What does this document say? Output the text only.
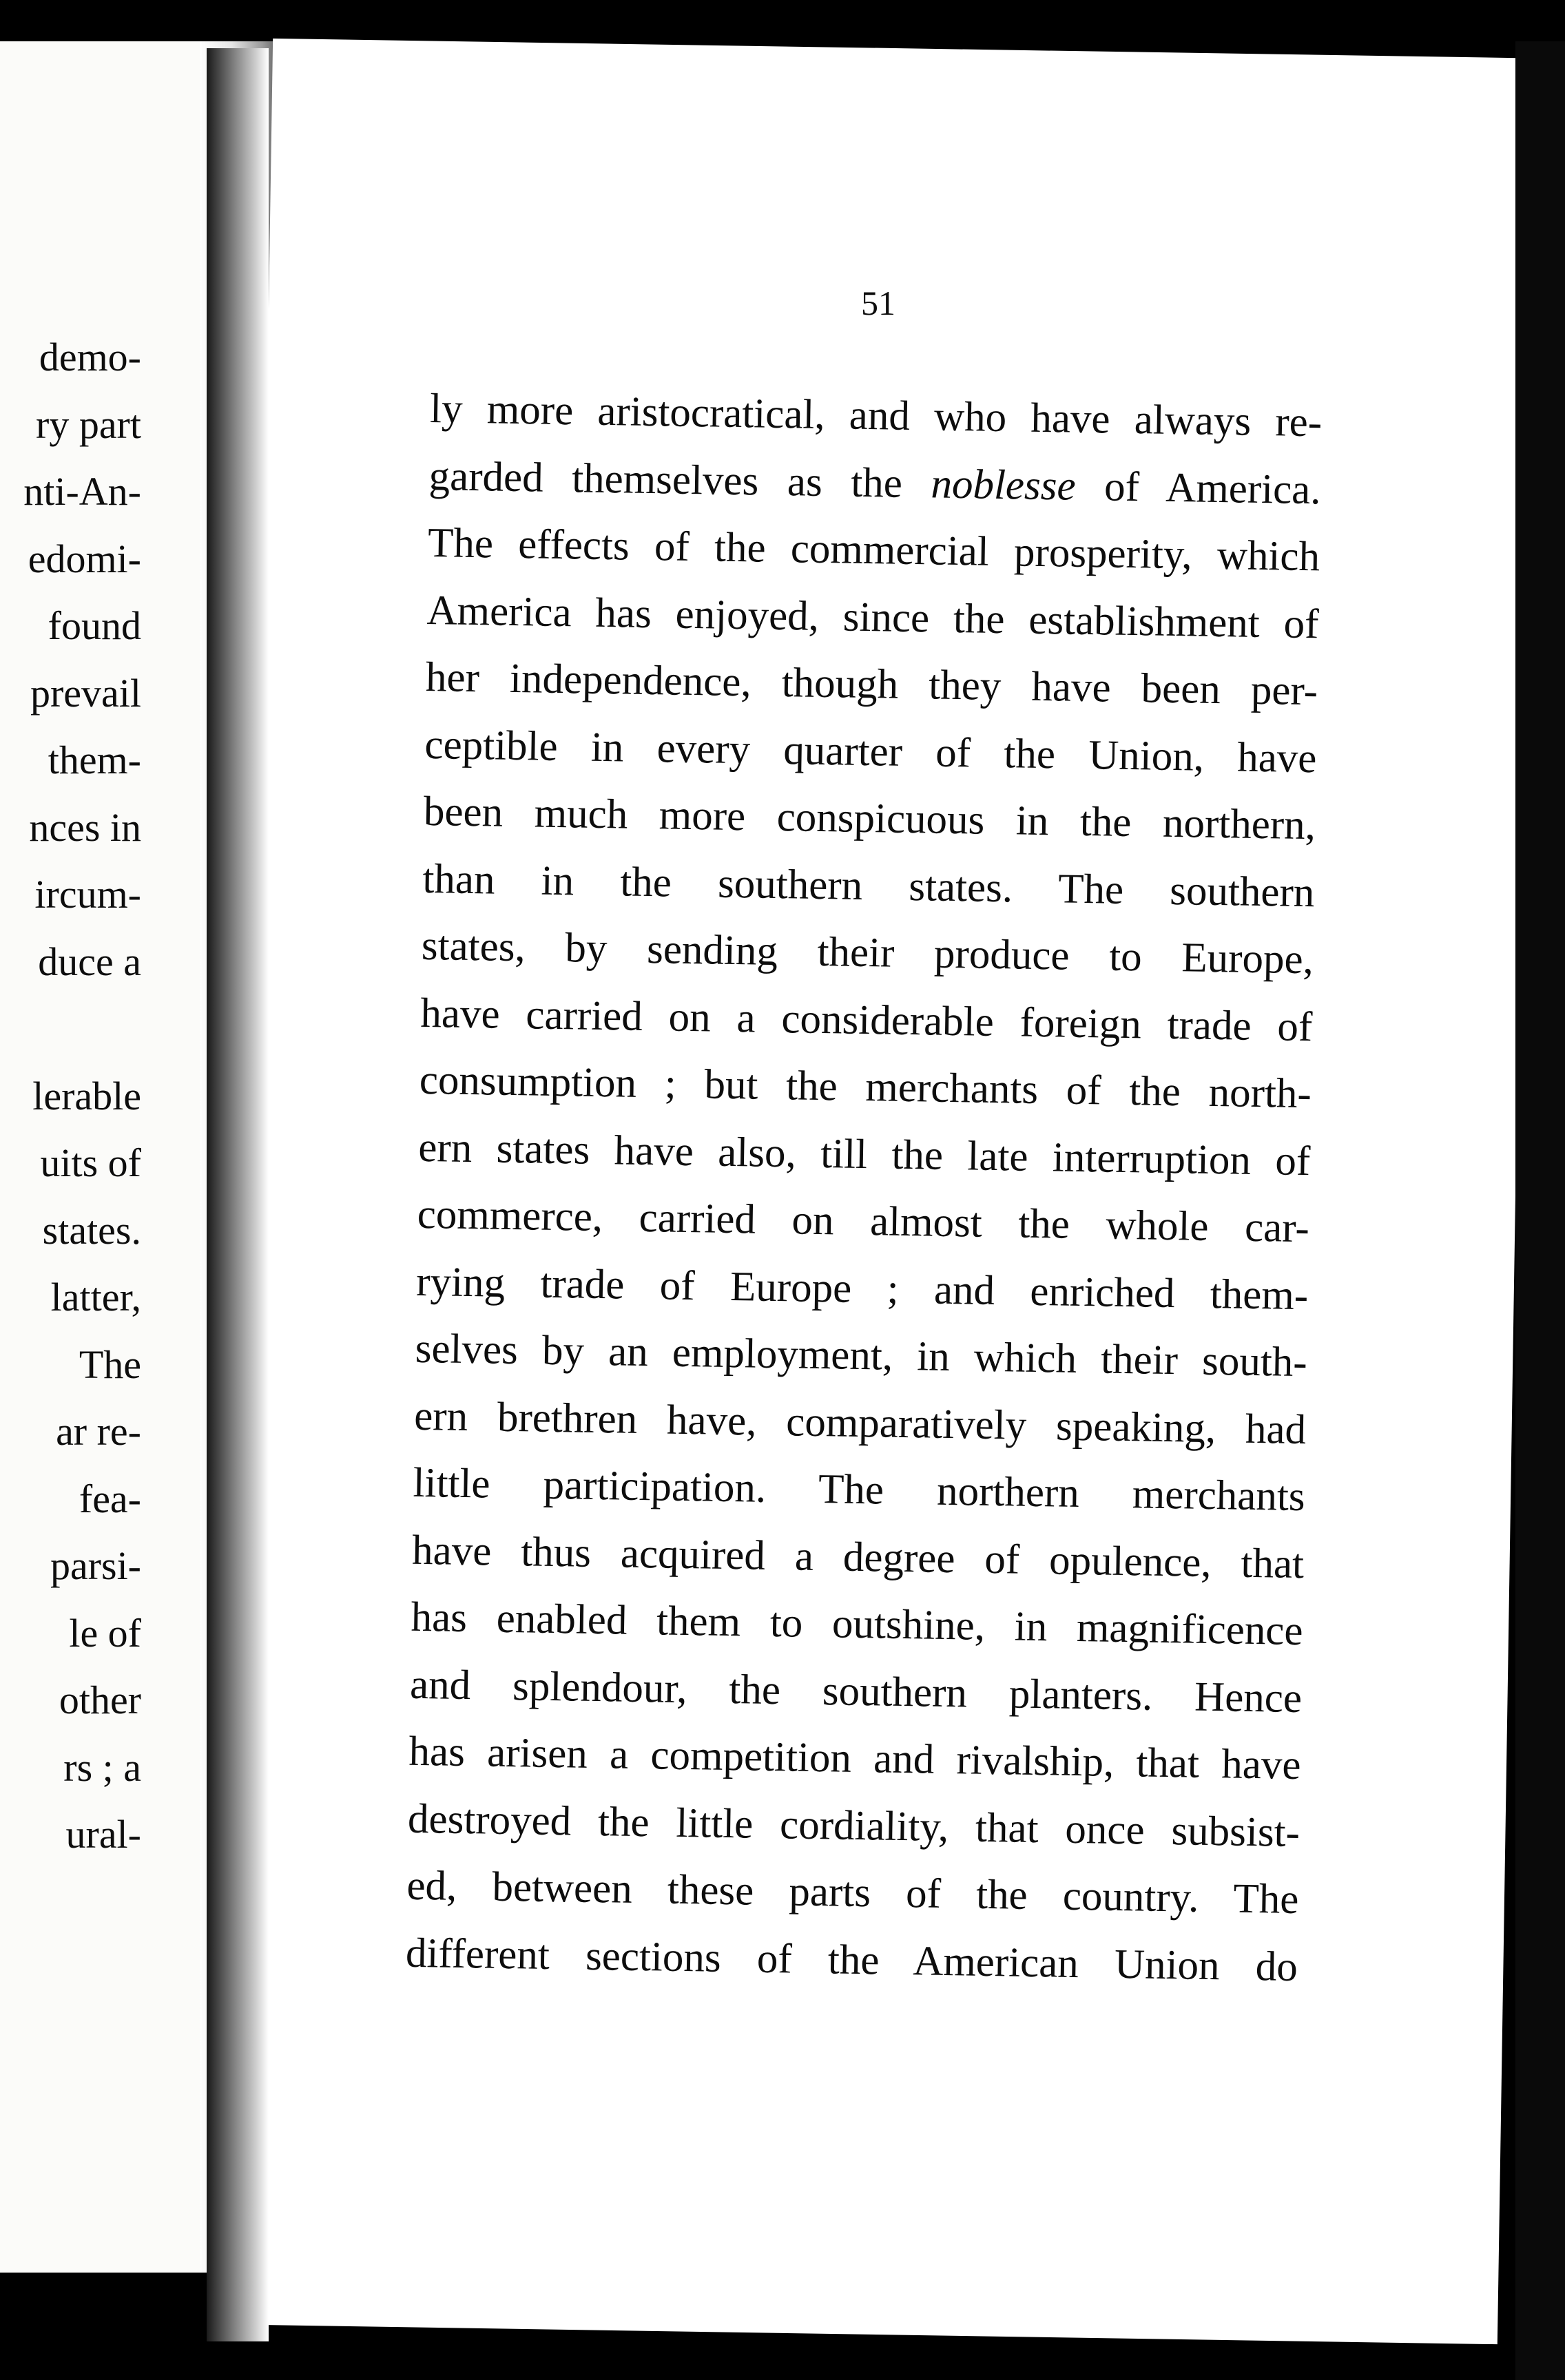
demo-
ry part
nti-An-
edomi-
found
prevail
them-
nces in
ircum-
duce a
lerable
uits of
states.
latter,
The
ar re-
fea-
parsi-
le of
other
rs ; a
ural-
51
ly more aristocratical, and who have always re-
garded themselves as the noblesse of America.
The effects of the commercial prosperity, which
America has enjoyed, since the establishment of
her independence, though they have been per-
ceptible in every quarter of the Union, have
been much more conspicuous in the northern,
than in the southern states. The southern
states, by sending their produce to Europe,
have carried on a considerable foreign trade of
consumption ; but the merchants of the north-
ern states have also, till the late interruption of
commerce, carried on almost the whole car-
rying trade of Europe ; and enriched them-
selves by an employment, in which their south-
ern brethren have, comparatively speaking, had
little participation. The northern merchants
have thus acquired a degree of opulence, that
has enabled them to outshine, in magnificence
and splendour, the southern planters. Hence
has arisen a competition and rivalship, that have
destroyed the little cordiality, that once subsist-
ed, between these parts of the country. The
different sections of the American Union do
